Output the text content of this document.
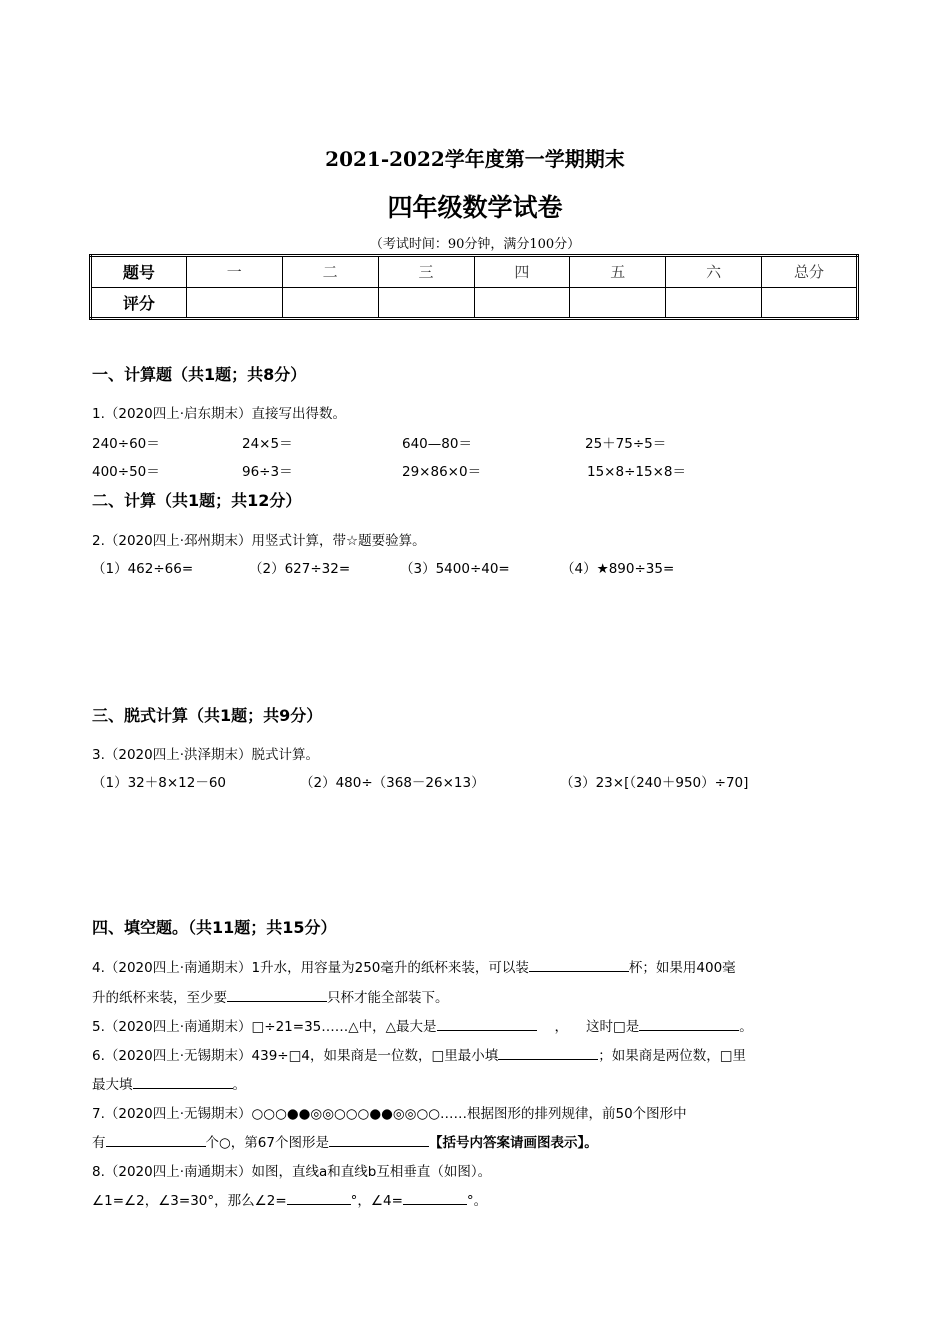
2021-2022学年度第一学期期末
四年级数学试卷
（考试时间：90分钟，满分100分）
题号	一	二	三	四	五	六	总分
评分							
一、计算题（共1题；共8分）
1.（2020四上·启东期末）直接写出得数。
240÷60＝	24×5＝	640—80＝	25＋75÷5＝
400÷50＝	96÷3＝	29×86×0＝	15×8÷15×8＝
二、计算（共1题；共12分）
2.（2020四上·邳州期末）用竖式计算，带☆题要验算。
（1）462÷66=	（2）627÷32=	（3）5400÷40=	（4）★890÷35=
三、脱式计算（共1题；共9分）
3.（2020四上·洪泽期末）脱式计算。
（1）32＋8×12－60	（2）480÷（368－26×13）	（3）23×[（240＋950）÷70]
四、填空题。（共11题；共15分）
4.（2020四上·南通期末）1升水，用容量为250毫升的纸杯来装，可以装	杯；如果用400毫
升的纸杯来装，至少要	只杯才能全部装下。
5.（2020四上·南通期末）□÷21=35……△中，△最大是	， 这时□是	。
6.（2020四上·无锡期末）439÷□4，如果商是一位数，□里最小填	；如果商是两位数，□里
最大填	。
7.（2020四上·无锡期末）○○○●●◎◎○○○●●◎◎○○……根据图形的排列规律，前50个图形中
有	个○，第67个图形是	【括号内答案请画图表示】。
8.（2020四上·南通期末）如图，直线a和直线b互相垂直（如图）。
∠1=∠2，∠3=30°，那么∠2=	°，∠4=	°。
